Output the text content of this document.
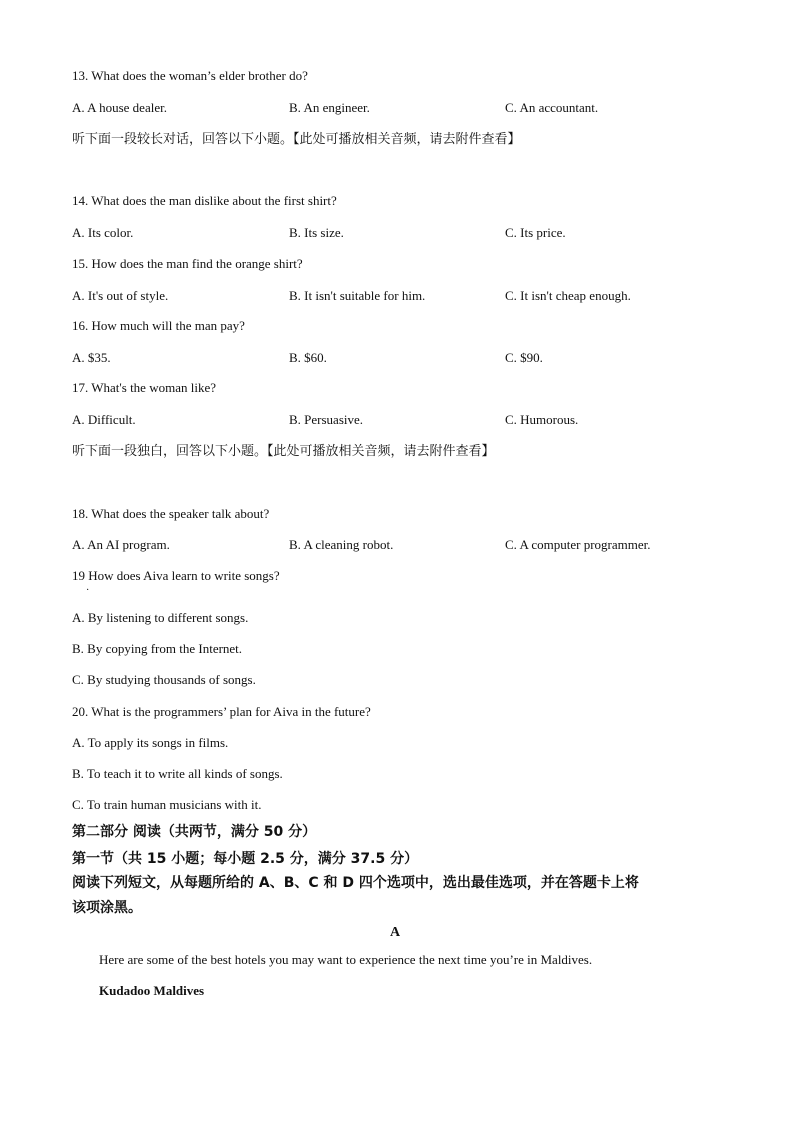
13. What does the woman’s elder brother do?
A. A house dealer.	B. An engineer.	C. An accountant.
听下面一段较长对话，回答以下小题。【此处可播放相关音频，请去附件查看】
14. What does the man dislike about the first shirt?
A. Its color.	B. Its size.	C. Its price.
15. How does the man find the orange shirt?
A. It's out of style.	B. It isn't suitable for him.	C. It isn't cheap enough.
16. How much will the man pay?
A. $35.	B. $60.	C. $90.
17. What's the woman like?
A. Difficult.	B. Persuasive.	C. Humorous.
听下面一段独白，回答以下小题。【此处可播放相关音频，请去附件查看】
18. What does the speaker talk about?
A. An AI program.	B. A cleaning robot.	C. A computer programmer.
19 How does Aiva learn to write songs?
·
A. By listening to different songs.
B. By copying from the Internet.
C. By studying thousands of songs.
20. What is the programmers’ plan for Aiva in the future?
A. To apply its songs in films.
B. To teach it to write all kinds of songs.
C. To train human musicians with it.
第二部分 阅读（共两节，满分 50 分）
第一节（共 15 小题；每小题 2.5 分，满分 37.5 分）
阅读下列短文，从每题所给的 A、B、C 和 D 四个选项中，选出最佳选项，并在答题卡上将
该项涂黑。
A
Here are some of the best hotels you may want to experience the next time you’re in Maldives.
Kudadoo Maldives
